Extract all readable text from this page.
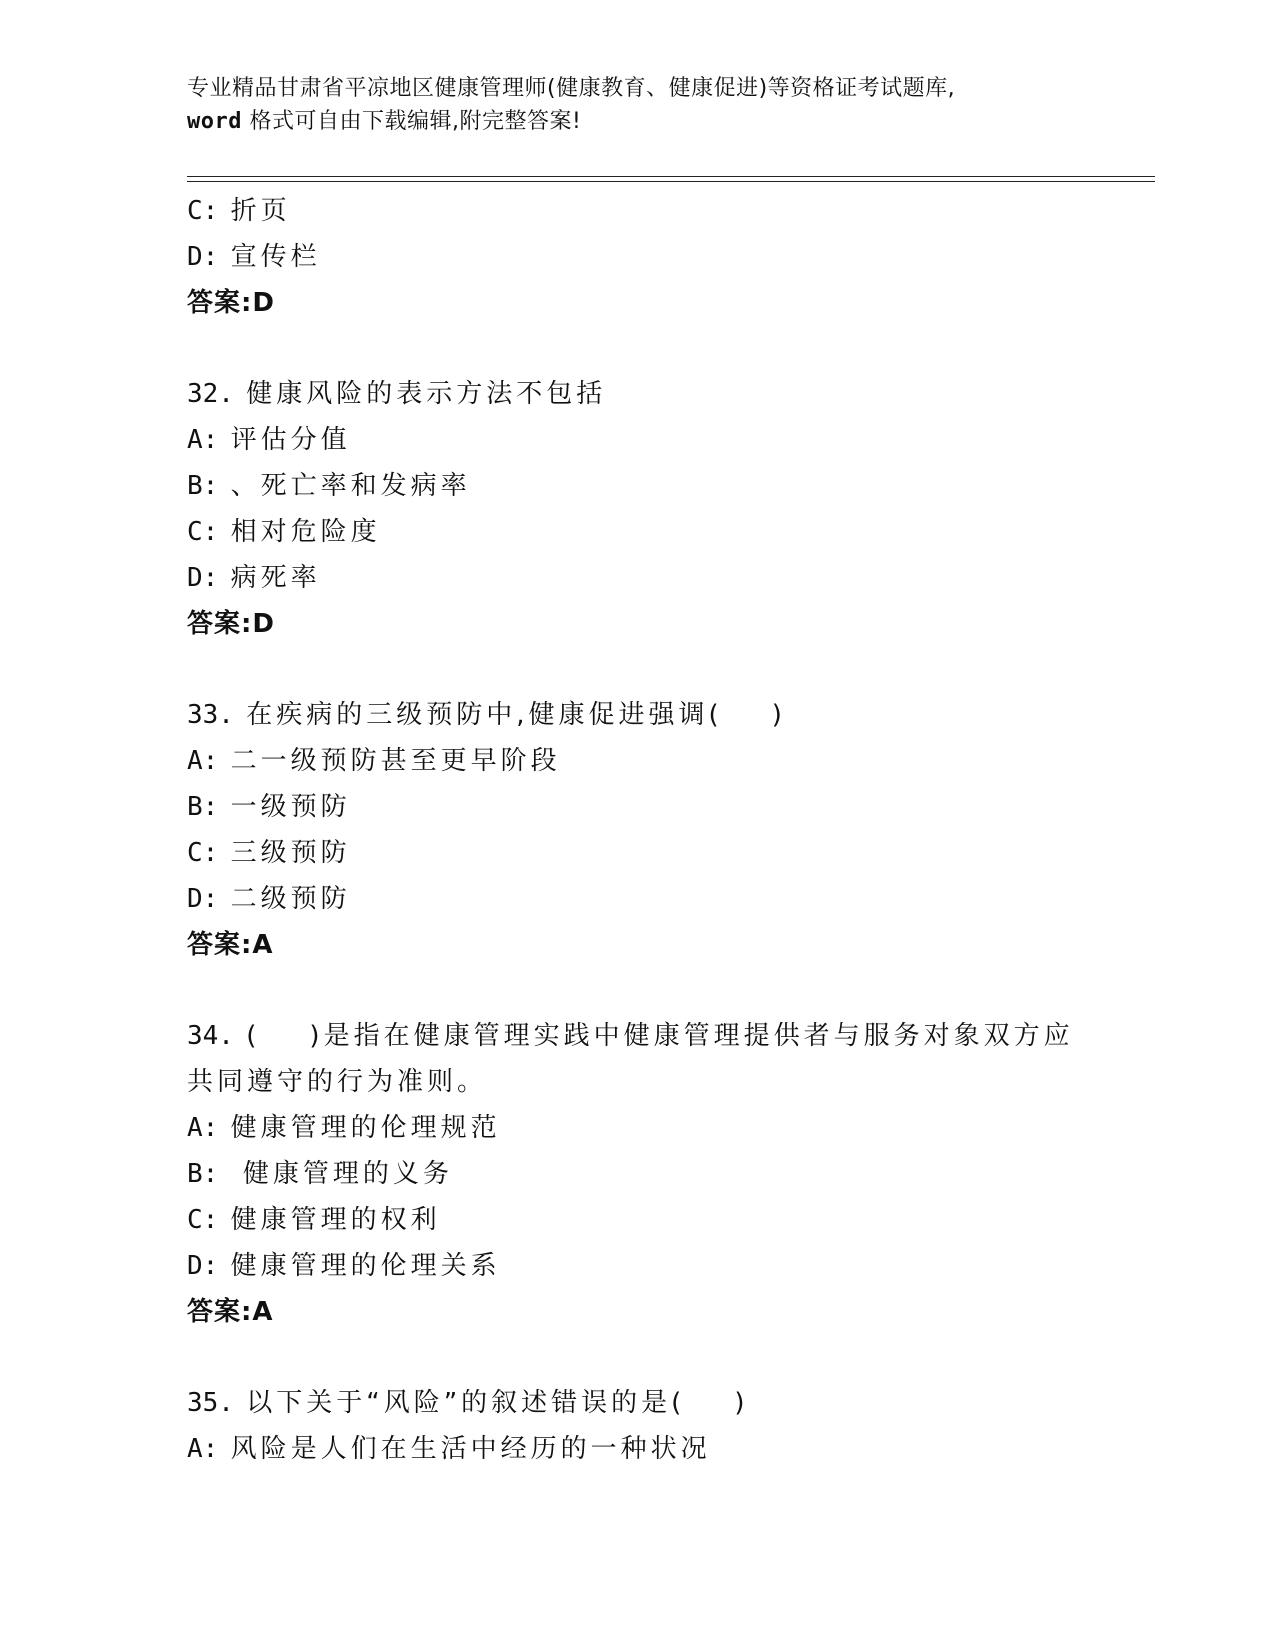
专业精品甘肃省平凉地区健康管理师(健康教育、健康促进)等资格证考试题库,
word 格式可自由下载编辑,附完整答案!
C: 折页
D: 宣传栏
答案:D
32. 健康风险的表示方法不包括
A: 评估分值
B: 、死亡率和发病率
C: 相对危险度
D: 病死率
答案:D
33. 在疾病的三级预防中,健康促进强调(    )
A: 二一级预防甚至更早阶段
B: 一级预防
C: 三级预防
D: 二级预防
答案:A
34. (    )是指在健康管理实践中健康管理提供者与服务对象双方应
共同遵守的行为准则。
A: 健康管理的伦理规范
B:  健康管理的义务
C: 健康管理的权利
D: 健康管理的伦理关系
答案:A
35. 以下关于“风险”的叙述错误的是(    )
A: 风险是人们在生活中经历的一种状况
